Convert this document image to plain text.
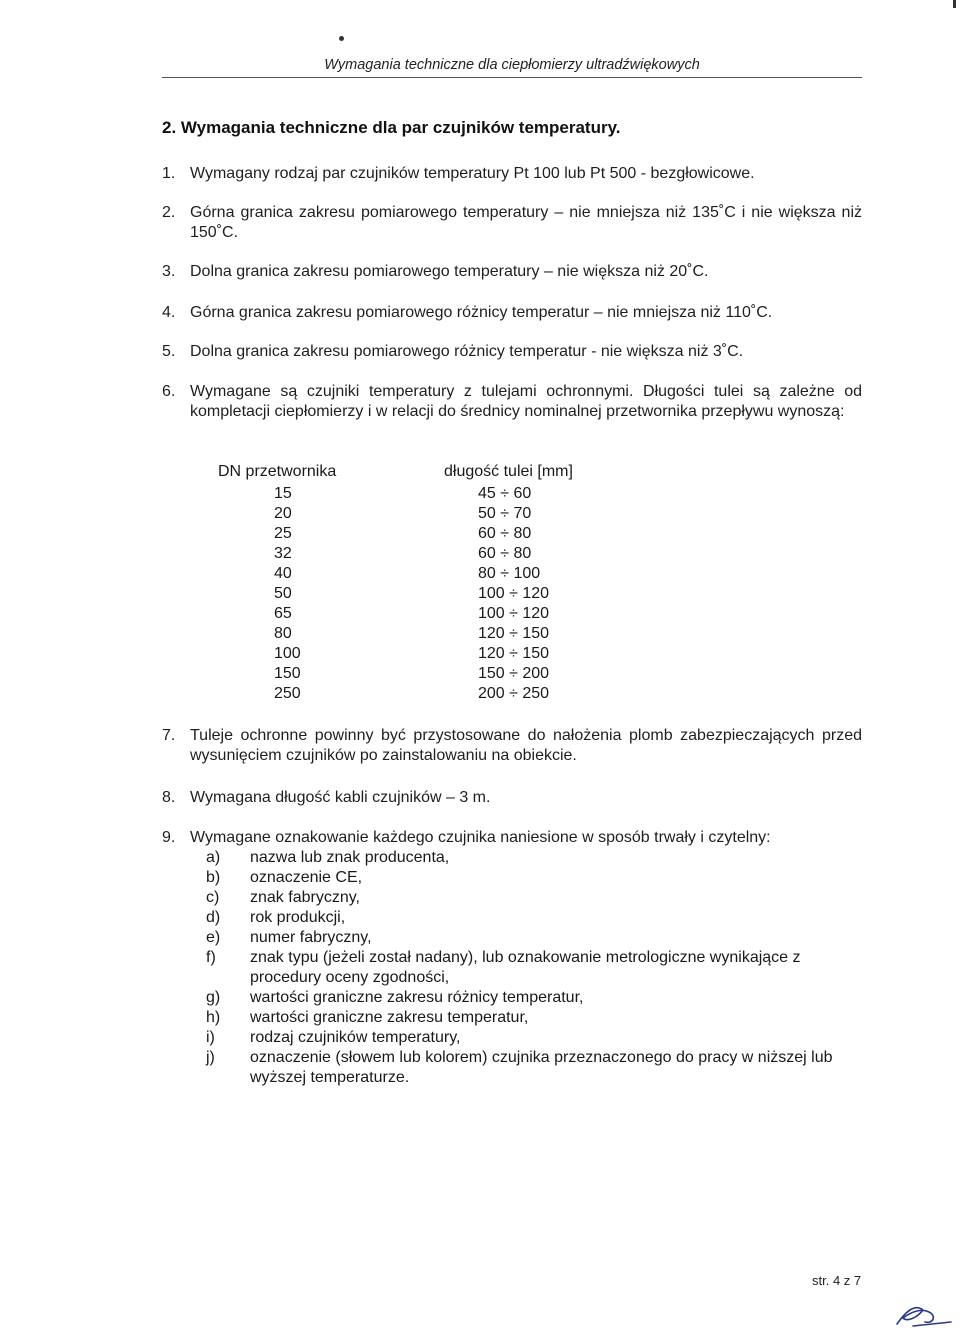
Wymagania techniczne dla ciepłomierzy ultradźwiękowych
2. Wymagania techniczne dla par czujników temperatury.
1. Wymagany rodzaj par czujników temperatury Pt 100 lub Pt 500 - bezgłowicowe.
2. Górna granica zakresu pomiarowego temperatury – nie mniejsza niż 135˚C i nie większa niż 150˚C.
3. Dolna granica zakresu pomiarowego temperatury – nie większa niż 20˚C.
4. Górna granica zakresu pomiarowego różnicy temperatur – nie mniejsza niż 110˚C.
5. Dolna granica zakresu pomiarowego różnicy temperatur - nie większa niż 3˚C.
6. Wymagane są czujniki temperatury z tulejami ochronnymi. Długości tulei są zależne od kompletacji ciepłomierzy i w relacji do średnicy nominalnej przetwornika przepływu wynoszą:
DN przetwornika	długość tulei [mm]
15	45 ÷ 60
20	50 ÷ 70
25	60 ÷ 80
32	60 ÷ 80
40	80 ÷ 100
50	100 ÷ 120
65	100 ÷ 120
80	120 ÷ 150
100	120 ÷ 150
150	150 ÷ 200
250	200 ÷ 250
7. Tuleje ochronne powinny być przystosowane do nałożenia plomb zabezpieczających przed wysunięciem czujników po zainstalowaniu na obiekcie.
8. Wymagana długość kabli czujników – 3 m.
9. Wymagane oznakowanie każdego czujnika naniesione w sposób trwały i czytelny:
a) nazwa lub znak producenta,
b) oznaczenie CE,
c) znak fabryczny,
d) rok produkcji,
e) numer fabryczny,
f) znak typu (jeżeli został nadany), lub oznakowanie metrologiczne wynikające z procedury oceny zgodności,
g) wartości graniczne zakresu różnicy temperatur,
h) wartości graniczne zakresu temperatur,
i) rodzaj czujników temperatury,
j) oznaczenie (słowem lub kolorem) czujnika przeznaczonego do pracy w niższej lub wyższej temperaturze.
str. 4 z 7
